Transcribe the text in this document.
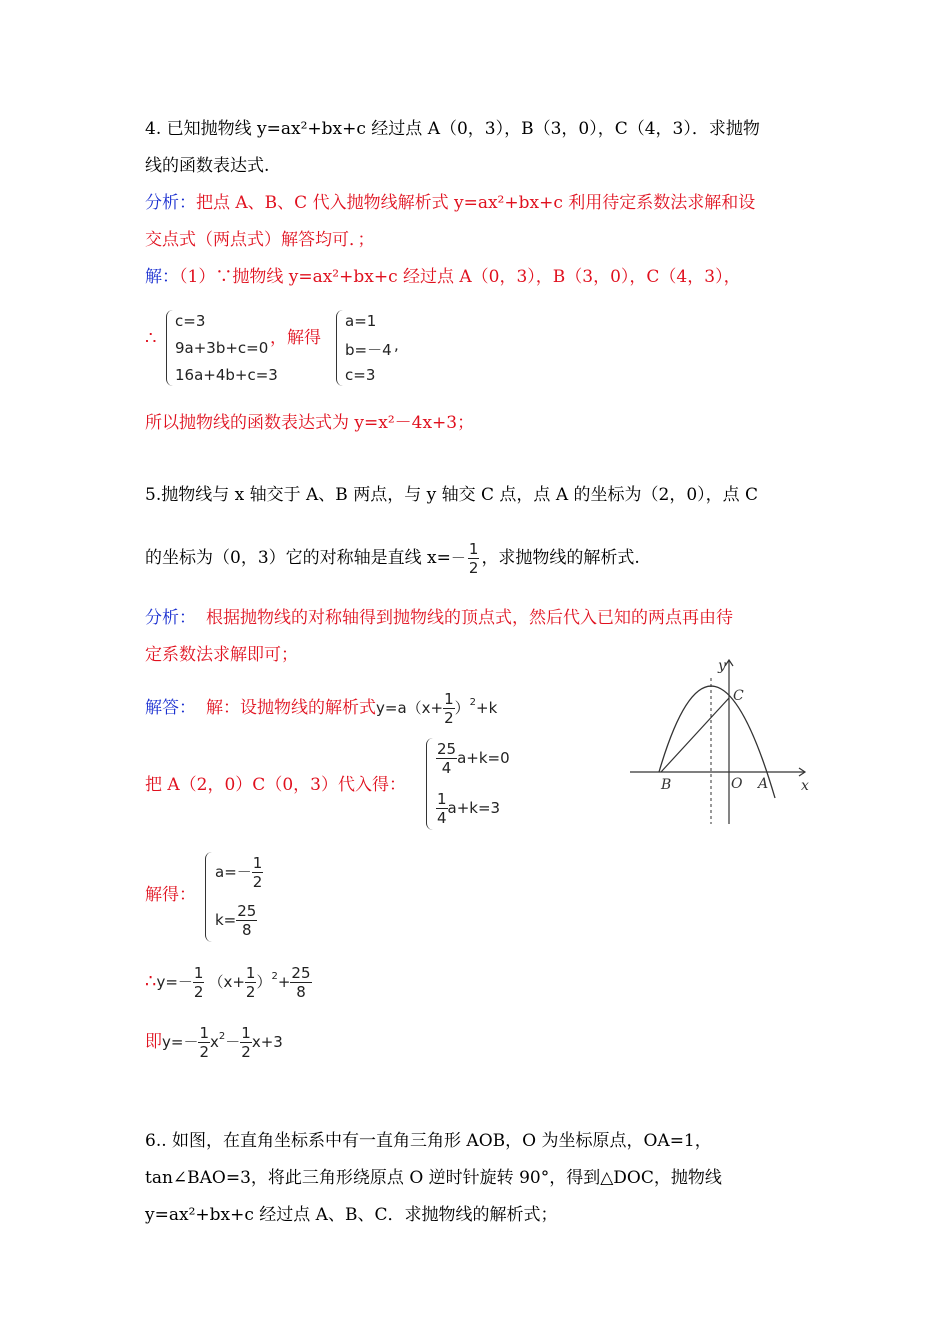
4. 已知抛物线 y=ax²+bx+c 经过点 A（0，3），B（3，0），C（4，3）．求抛物
线的函数表达式.
分析：把点 A、B、C 代入抛物线解析式 y=ax²+bx+c 利用待定系数法求解和设
交点式（两点式）解答均可．；
解：（1）∵抛物线 y=ax²+bx+c 经过点 A（0，3），B（3，0），C（4，3），
∴
c=3
9a+3b+c=0
16a+4b+c=3
，解得
a=1
b=－4
c=3
,
所以抛物线的函数表达式为 y=x²－4x+3；
5.抛物线与 x 轴交于 A、B 两点，与 y 轴交 C 点，点 A 的坐标为（2，0），点 C
的坐标为（0，3）它的对称轴是直线 $x=- \frac{1}{2}$ ，求抛物线的解析式.
分析： 根据抛物线的对称轴得到抛物线的顶点式，然后代入已知的两点再由待
定系数法求解即可；
解答： 解：设抛物线的解析式$y=a(x+ \frac{1}{2} )^2+k$
把 A（2，0）C（0，3）代入得：
$\frac{25}{4} a+k=0$
$\frac{1}{4} a+k=3$
解得：
$a=- \frac{1}{2}$
$k= \frac{25}{8}$
∴y=－ $\frac{1}{2} (x+ \frac{1}{2} )^2+ \frac{25}{8}$
即$y=- \frac{1}{2} x^2- \frac{1}{2} x+3$
y
x
C
B	O A
6.. 如图，在直角坐标系中有一直角三角形 AOB，O 为坐标原点，OA=1，
tan∠BAO=3，将此三角形绕原点 O 逆时针旋转 90°，得到△DOC，抛物线
y=ax²+bx+c 经过点 A、B、C．求抛物线的解析式；
